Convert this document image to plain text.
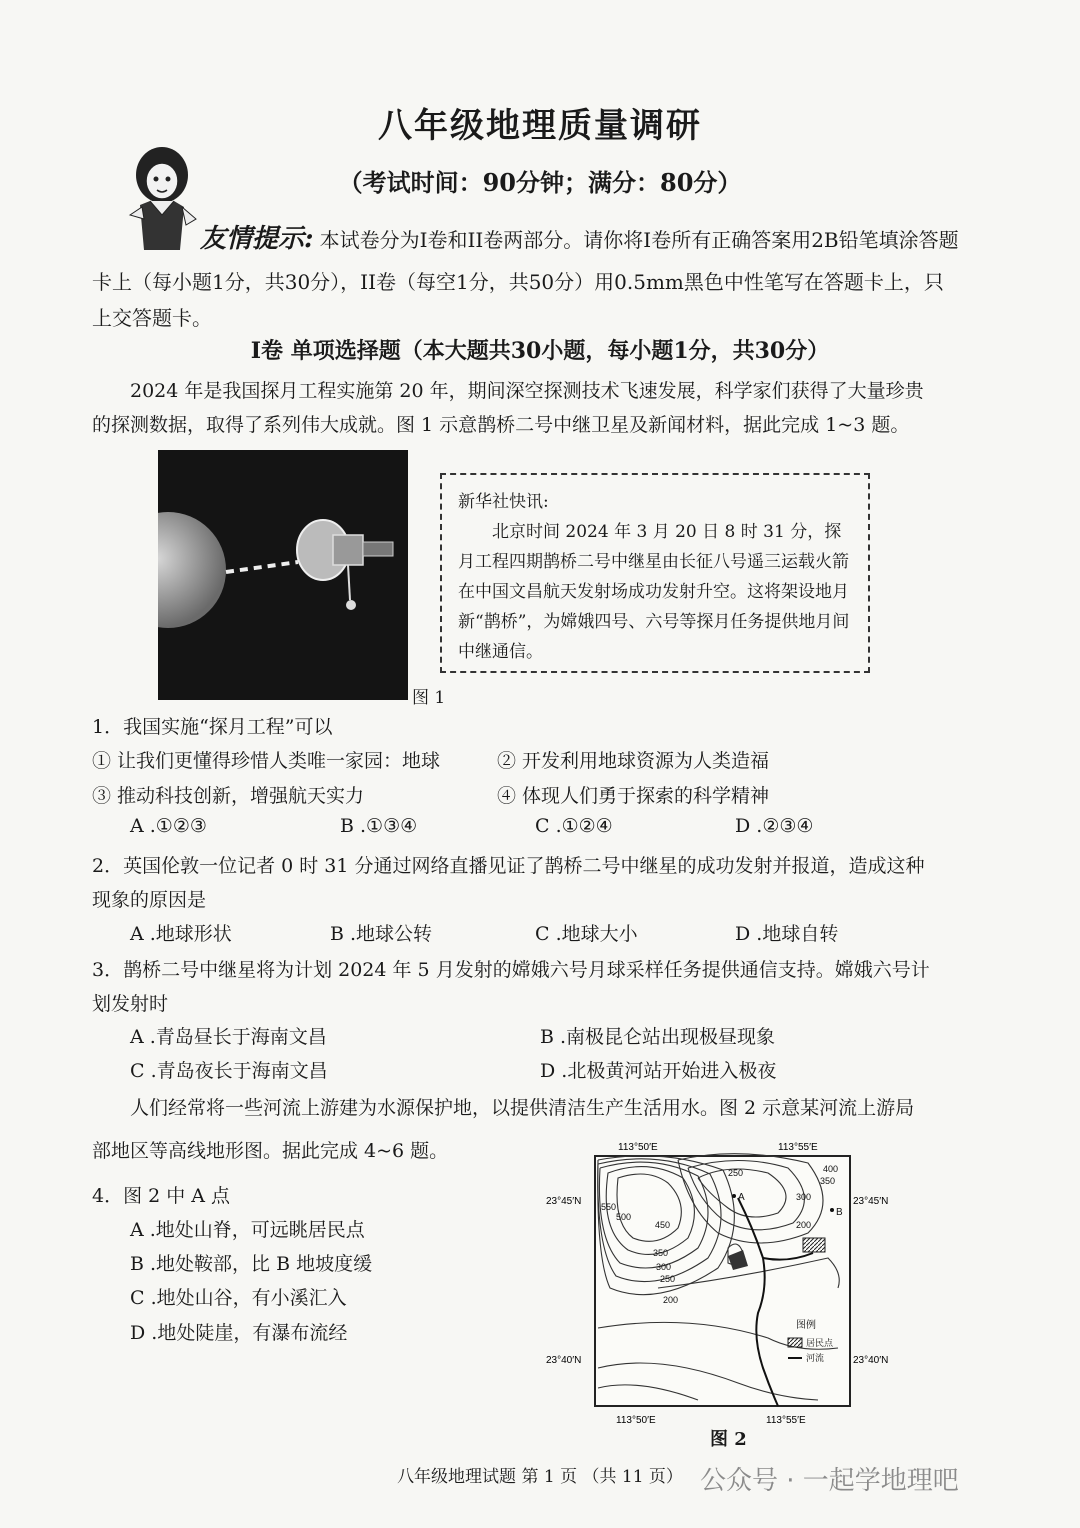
八年级地理质量调研
（考试时间：90分钟；满分：80分）
友情提示: 本试卷分为I卷和II卷两部分。请你将I卷所有正确答案用2B铅笔填涂答题
卡上（每小题1分，共30分），II卷（每空1分，共50分）用0.5mm黑色中性笔写在答题卡上，只
上交答题卡。
I卷 单项选择题（本大题共30小题，每小题1分，共30分）
2024 年是我国探月工程实施第 20 年，期间深空探测技术飞速发展，科学家们获得了大量珍贵
的探测数据，取得了系列伟大成就。图 1 示意鹊桥二号中继卫星及新闻材料，据此完成 1~3 题。
图 1
新华社快讯:
北京时间 2024 年 3 月 20 日 8 时 31 分，探月工程四期鹊桥二号中继星由长征八号遥三运载火箭在中国文昌航天发射场成功发射升空。这将架设地月新“鹊桥”，为嫦娥四号、六号等探月任务提供地月间中继通信。
1．我国实施“探月工程”可以
① 让我们更懂得珍惜人类唯一家园：地球	② 开发利用地球资源为人类造福
③ 推动科技创新，增强航天实力	④ 体现人们勇于探索的科学精神
A .①②③	B .①③④	C .①②④	D .②③④
2．英国伦敦一位记者 0 时 31 分通过网络直播见证了鹊桥二号中继星的成功发射并报道，造成这种
现象的原因是
A .地球形状	B .地球公转	C .地球大小	D .地球自转
3．鹊桥二号中继星将为计划 2024 年 5 月发射的嫦娥六号月球采样任务提供通信支持。嫦娥六号计
划发射时
A .青岛昼长于海南文昌	B .南极昆仑站出现极昼现象
C .青岛夜长于海南文昌	D .北极黄河站开始进入极夜
人们经常将一些河流上游建为水源保护地，以提供清洁生产生活用水。图 2 示意某河流上游局
部地区等高线地形图。据此完成 4~6 题。
4．图 2 中 A 点
A .地处山脊，可远眺居民点
B .地处鞍部，比 B 地坡度缓
C .地处山谷，有小溪汇入
D .地处陡崖，有瀑布流经
113°50′E	113°55′E
113°50′E	113°55′E
23°45′N	23°45′N
23°40′N	23°40′N
250	400
350
300
200
550
500
450
350
300
250
200
A
B
图例
居民点
河流
图 2
八年级地理试题 第 1 页 （共 11 页） 公众号 · 一起学地理吧
